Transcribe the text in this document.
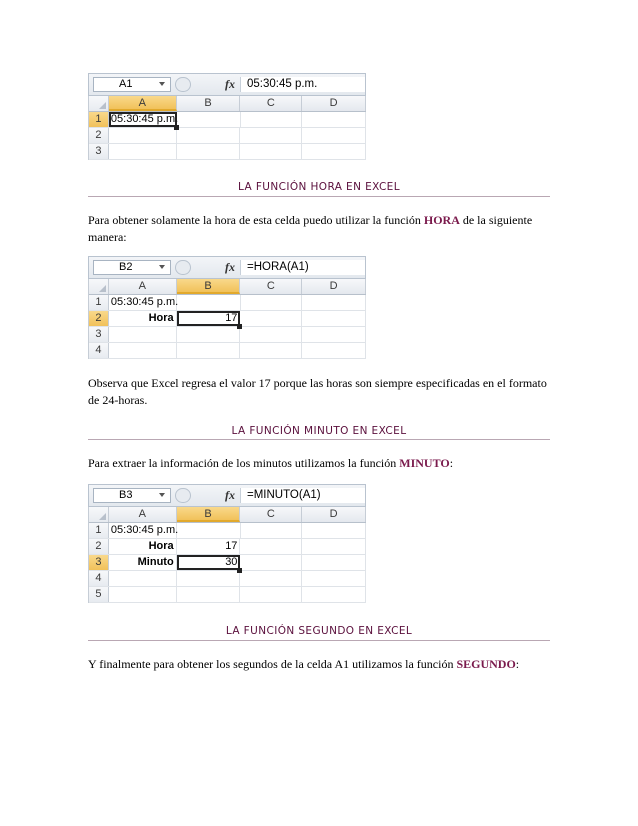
A1	fx	05:30:45 p.m.
A	B	C	D
1 05:30:45 p.m.
2
3
LA FUNCIÓN HORA EN EXCEL
Para obtener solamente la hora de esta celda puedo utilizar la función HORA de la siguiente manera:
B2	fx	=HORA(A1)
A	B	C	D
1 05:30:45 p.m.
2	Hora	17
3
4
Observa que Excel regresa el valor 17 porque las horas son siempre especificadas en el formato de 24-horas.
LA FUNCIÓN MINUTO EN EXCEL
Para extraer la información de los minutos utilizamos la función MINUTO:
B3	fx	=MINUTO(A1)
A	B	C	D
1 05:30:45 p.m.
2	Hora	17
3	Minuto	30
4
5
LA FUNCIÓN SEGUNDO EN EXCEL
Y finalmente para obtener los segundos de la celda A1 utilizamos la función SEGUNDO:
